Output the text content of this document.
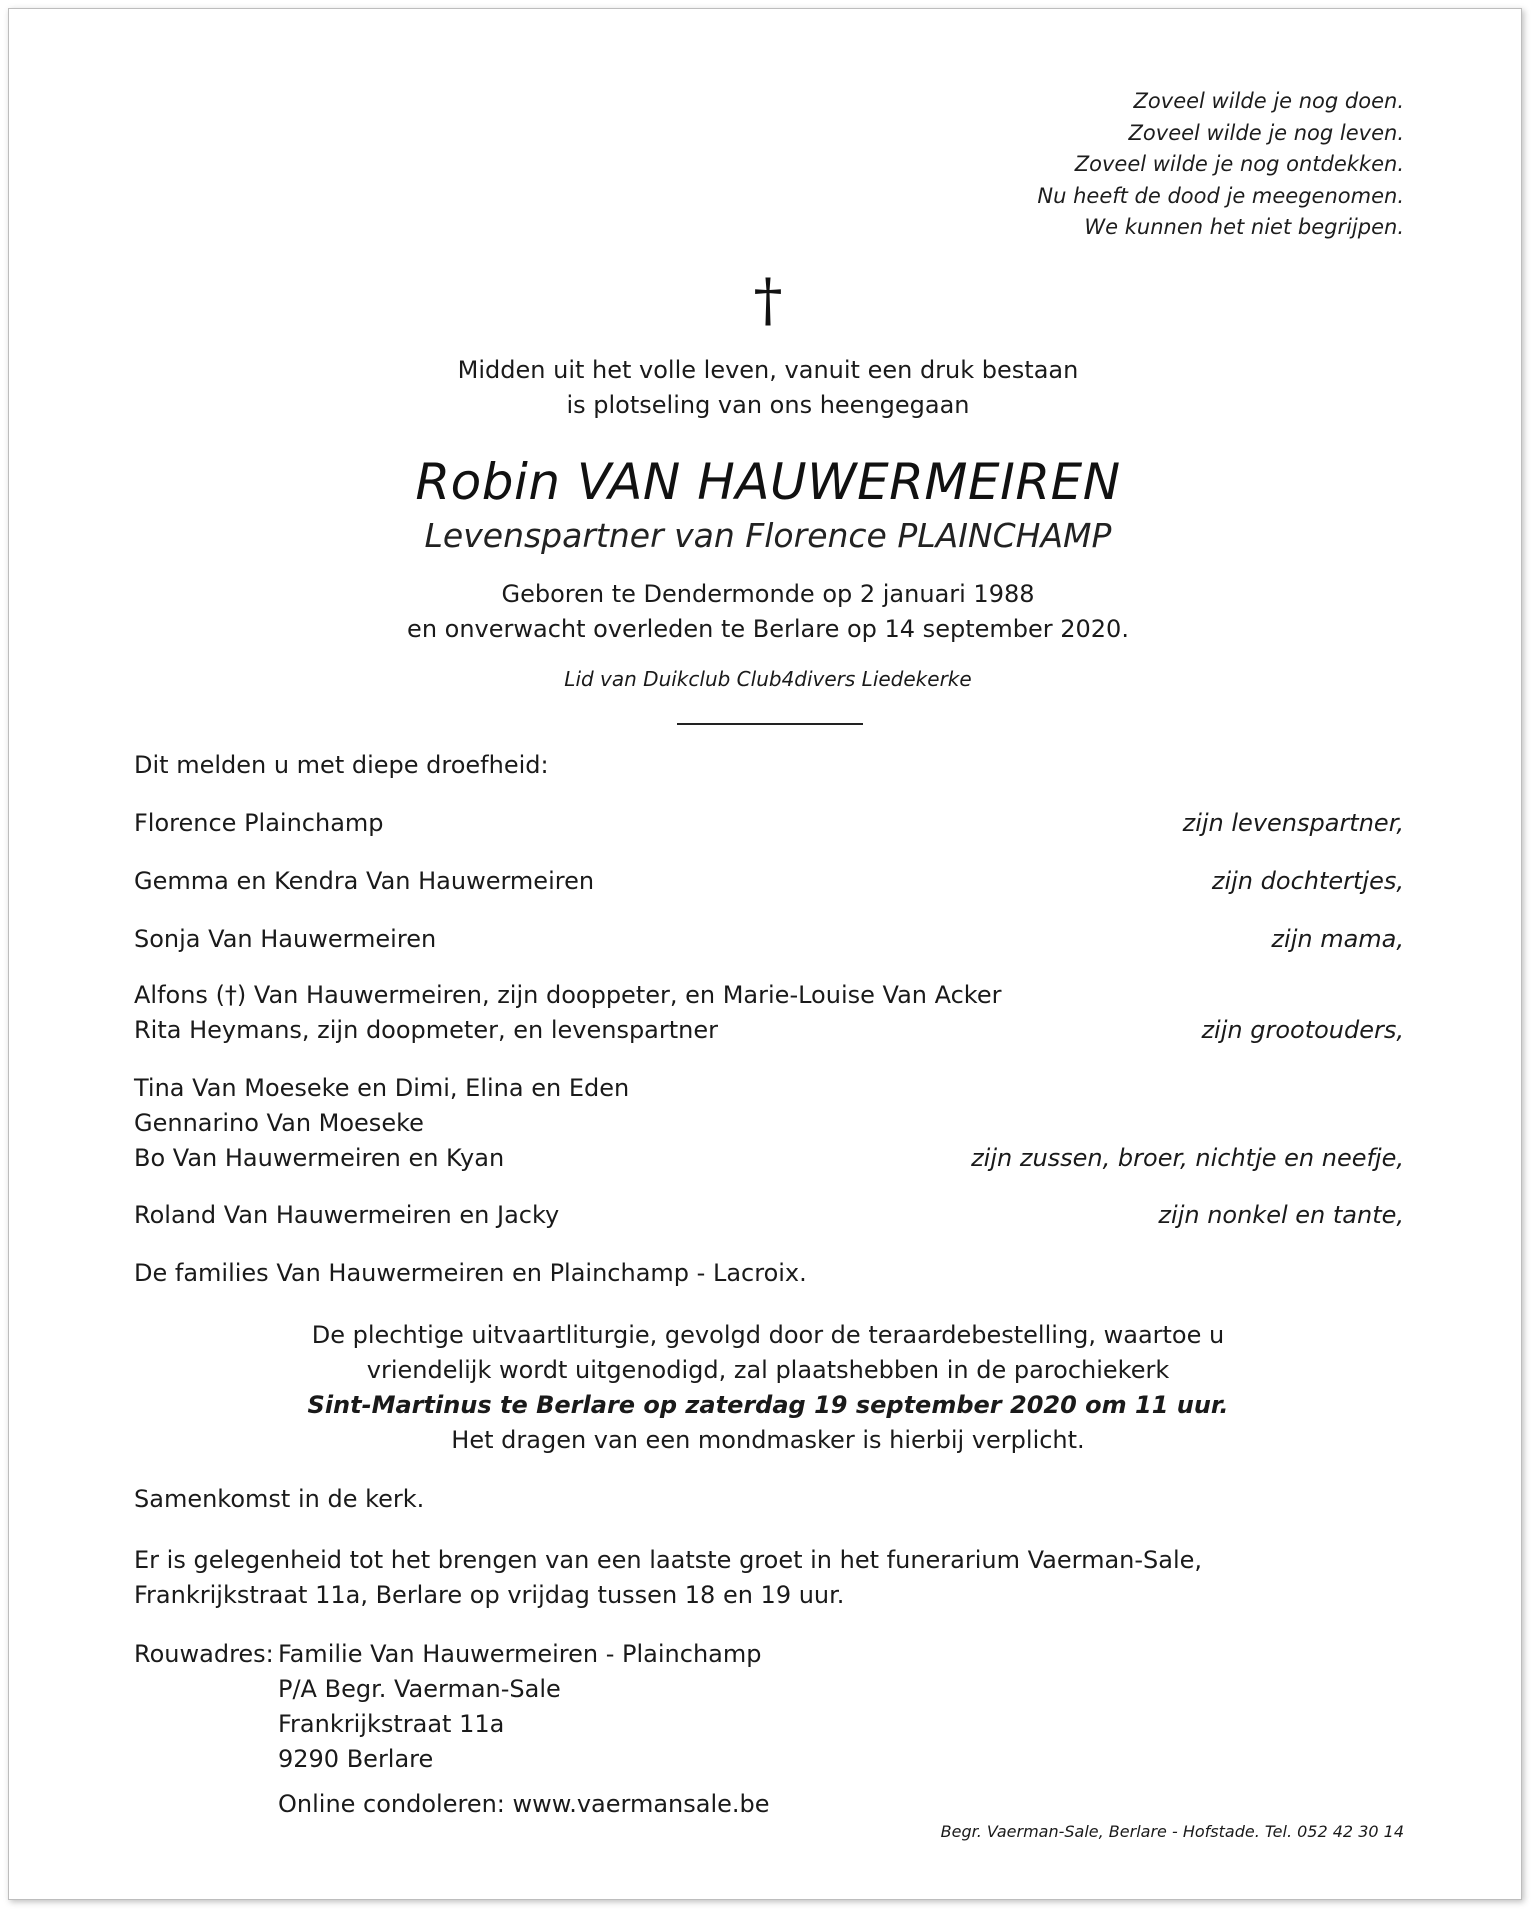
Zoveel wilde je nog doen.
Zoveel wilde je nog leven.
Zoveel wilde je nog ontdekken.
Nu heeft de dood je meegenomen.
We kunnen het niet begrijpen.
†
Midden uit het volle leven, vanuit een druk bestaan
is plotseling van ons heengegaan
Robin VAN HAUWERMEIREN
Levenspartner van Florence PLAINCHAMP
Geboren te Dendermonde op 2 januari 1988
en onverwacht overleden te Berlare op 14 september 2020.
Lid van Duikclub Club4divers Liedekerke
Dit melden u met diepe droefheid:
Florence Plainchamp	zijn levenspartner,
Gemma en Kendra Van Hauwermeiren	zijn dochtertjes,
Sonja Van Hauwermeiren	zijn mama,
Alfons (†) Van Hauwermeiren, zijn dooppeter, en Marie-Louise Van Acker
Rita Heymans, zijn doopmeter, en levenspartner	zijn grootouders,
Tina Van Moeseke en Dimi, Elina en Eden
Gennarino Van Moeseke
Bo Van Hauwermeiren en Kyan	zijn zussen, broer, nichtje en neefje,
Roland Van Hauwermeiren en Jacky	zijn nonkel en tante,
De families Van Hauwermeiren en Plainchamp - Lacroix.
De plechtige uitvaartliturgie, gevolgd door de teraardebestelling, waartoe u
vriendelijk wordt uitgenodigd, zal plaatshebben in de parochiekerk
Sint-Martinus te Berlare op zaterdag 19 september 2020 om 11 uur.
Het dragen van een mondmasker is hierbij verplicht.
Samenkomst in de kerk.
Er is gelegenheid tot het brengen van een laatste groet in het funerarium Vaerman-Sale,
Frankrijkstraat 11a, Berlare op vrijdag tussen 18 en 19 uur.
Rouwadres: Familie Van Hauwermeiren - Plainchamp
P/A Begr. Vaerman-Sale
Frankrijkstraat 11a
9290 Berlare
Online condoleren: www.vaermansale.be
Begr. Vaerman-Sale, Berlare - Hofstade. Tel. 052 42 30 14
